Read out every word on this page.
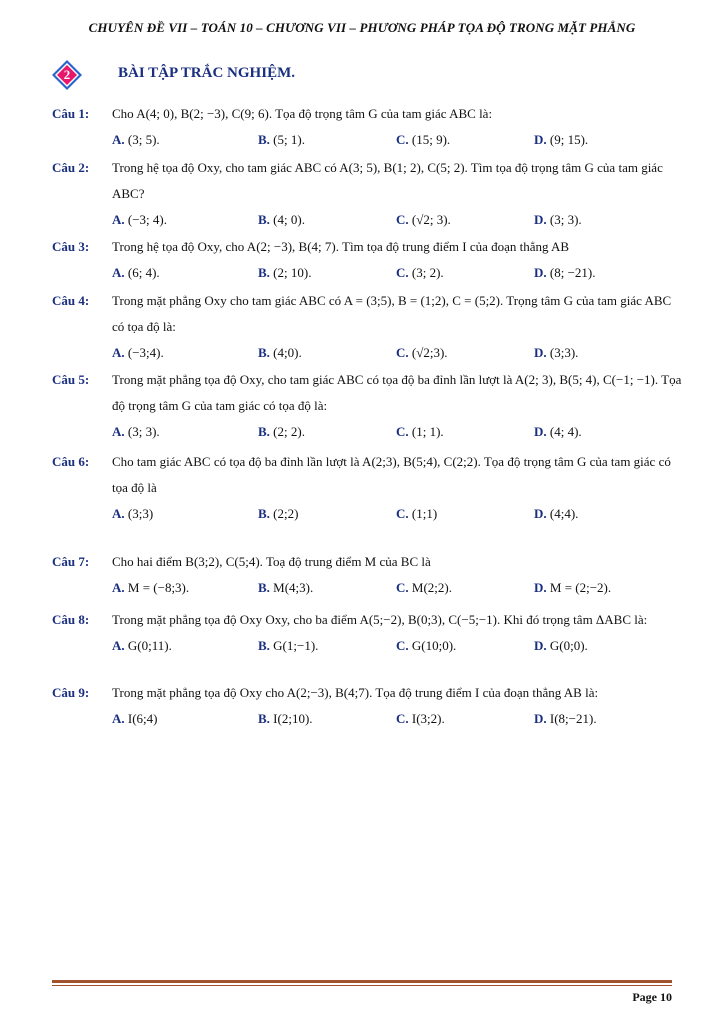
CHUYÊN ĐỀ VII – TOÁN 10 – CHƯƠNG VII – PHƯƠNG PHÁP TỌA ĐỘ TRONG MẶT PHẲNG
2	BÀI TẬP TRẮC NGHIỆM.
Câu 1: Cho A(4; 0), B(2; −3), C(9; 6). Tọa độ trọng tâm G của tam giác ABC là:
A. (3; 5).	B. (5; 1).	C. (15; 9).	D. (9; 15).
Câu 2: Trong hệ tọa độ Oxy, cho tam giác ABC có A(3; 5), B(1; 2), C(5; 2). Tìm tọa độ trọng tâm G của tam giác ABC?
A. (−3; 4).	B. (4; 0).	C. (√2; 3).	D. (3; 3).
Câu 3: Trong hệ tọa độ Oxy, cho A(2; −3), B(4; 7). Tìm tọa độ trung điểm I của đoạn thẳng AB
A. (6; 4).	B. (2; 10).	C. (3; 2).	D. (8; −21).
Câu 4: Trong mặt phẳng Oxy cho tam giác ABC có A = (3;5), B = (1;2), C = (5;2). Trọng tâm G của tam giác ABC có tọa độ là:
A. (−3;4).	B. (4;0).	C. (√2;3).	D. (3;3).
Câu 5: Trong mặt phẳng tọa độ Oxy, cho tam giác ABC có tọa độ ba đỉnh lần lượt là A(2; 3), B(5; 4), C(−1; −1). Tọa độ trọng tâm G của tam giác có tọa độ là:
A. (3; 3).	B. (2; 2).	C. (1; 1).	D. (4; 4).
Câu 6: Cho tam giác ABC có tọa độ ba đỉnh lần lượt là A(2;3), B(5;4), C(2;2). Tọa độ trọng tâm G của tam giác có tọa độ là
A. (3;3)	B. (2;2)	C. (1;1)	D. (4;4).
Câu 7: Cho hai điểm B(3;2), C(5;4). Toạ độ trung điểm M của BC là
A. M = (−8;3).	B. M(4;3).	C. M(2;2).	D. M = (2;−2).
Câu 8: Trong mặt phẳng tọa độ Oxy Oxy, cho ba điểm A(5;−2), B(0;3), C(−5;−1). Khi đó trọng tâm ΔABC là:
A. G(0;11).	B. G(1;−1).	C. G(10;0).	D. G(0;0).
Câu 9: Trong mặt phẳng tọa độ Oxy cho A(2;−3), B(4;7). Tọa độ trung điểm I của đoạn thẳng AB là:
A. I(6;4)	B. I(2;10).	C. I(3;2).	D. I(8;−21).
Page 10
